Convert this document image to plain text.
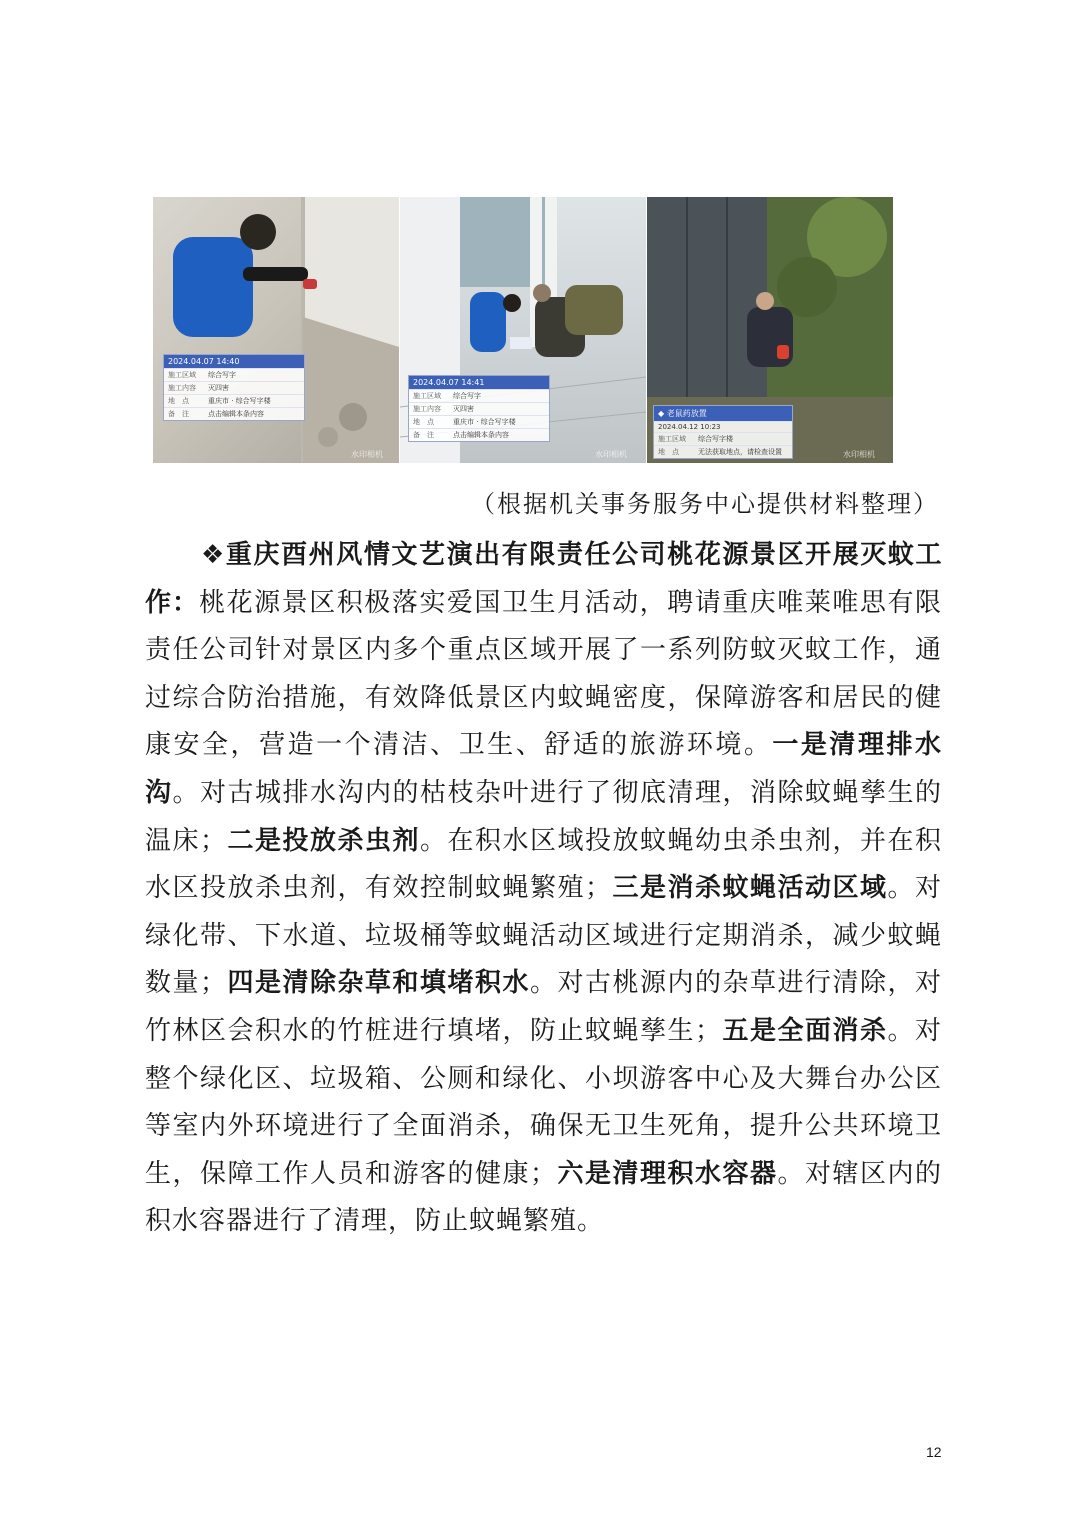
2024.04.07 14:40
施工区域 综合写字
施工内容 灭四害
地　点	重庆市 · 综合写字楼
备　注	点击编辑本条内容
水印相机
2024.04.07 14:41
施工区域 综合写字
施工内容 灭四害
地　点	重庆市 · 综合写字楼
备　注	点击编辑本条内容
水印相机
◆ 老鼠药放置
2024.04.12 10:23
施工区域 综合写字楼
地　点	无法获取地点，请检查设置	水印相机
（根据机关事务服务中心提供材料整理）
❖重庆酉州风情文艺演出有限责任公司桃花源景区开展灭蚊工作：桃花源景区积极落实爱国卫生月活动，聘请重庆唯莱唯思有限责任公司针对景区内多个重点区域开展了一系列防蚊灭蚊工作，通过综合防治措施，有效降低景区内蚊蝇密度，保障游客和居民的健康安全，营造一个清洁、卫生、舒适的旅游环境。一是清理排水沟。对古城排水沟内的枯枝杂叶进行了彻底清理，消除蚊蝇孳生的温床；二是投放杀虫剂。在积水区域投放蚊蝇幼虫杀虫剂，并在积水区投放杀虫剂，有效控制蚊蝇繁殖；三是消杀蚊蝇活动区域。对绿化带、下水道、垃圾桶等蚊蝇活动区域进行定期消杀，减少蚊蝇数量；四是清除杂草和填堵积水。对古桃源内的杂草进行清除，对竹林区会积水的竹桩进行填堵，防止蚊蝇孳生；五是全面消杀。对整个绿化区、垃圾箱、公厕和绿化、小坝游客中心及大舞台办公区等室内外环境进行了全面消杀，确保无卫生死角，提升公共环境卫生，保障工作人员和游客的健康；六是清理积水容器。对辖区内的积水容器进行了清理，防止蚊蝇繁殖。
12
